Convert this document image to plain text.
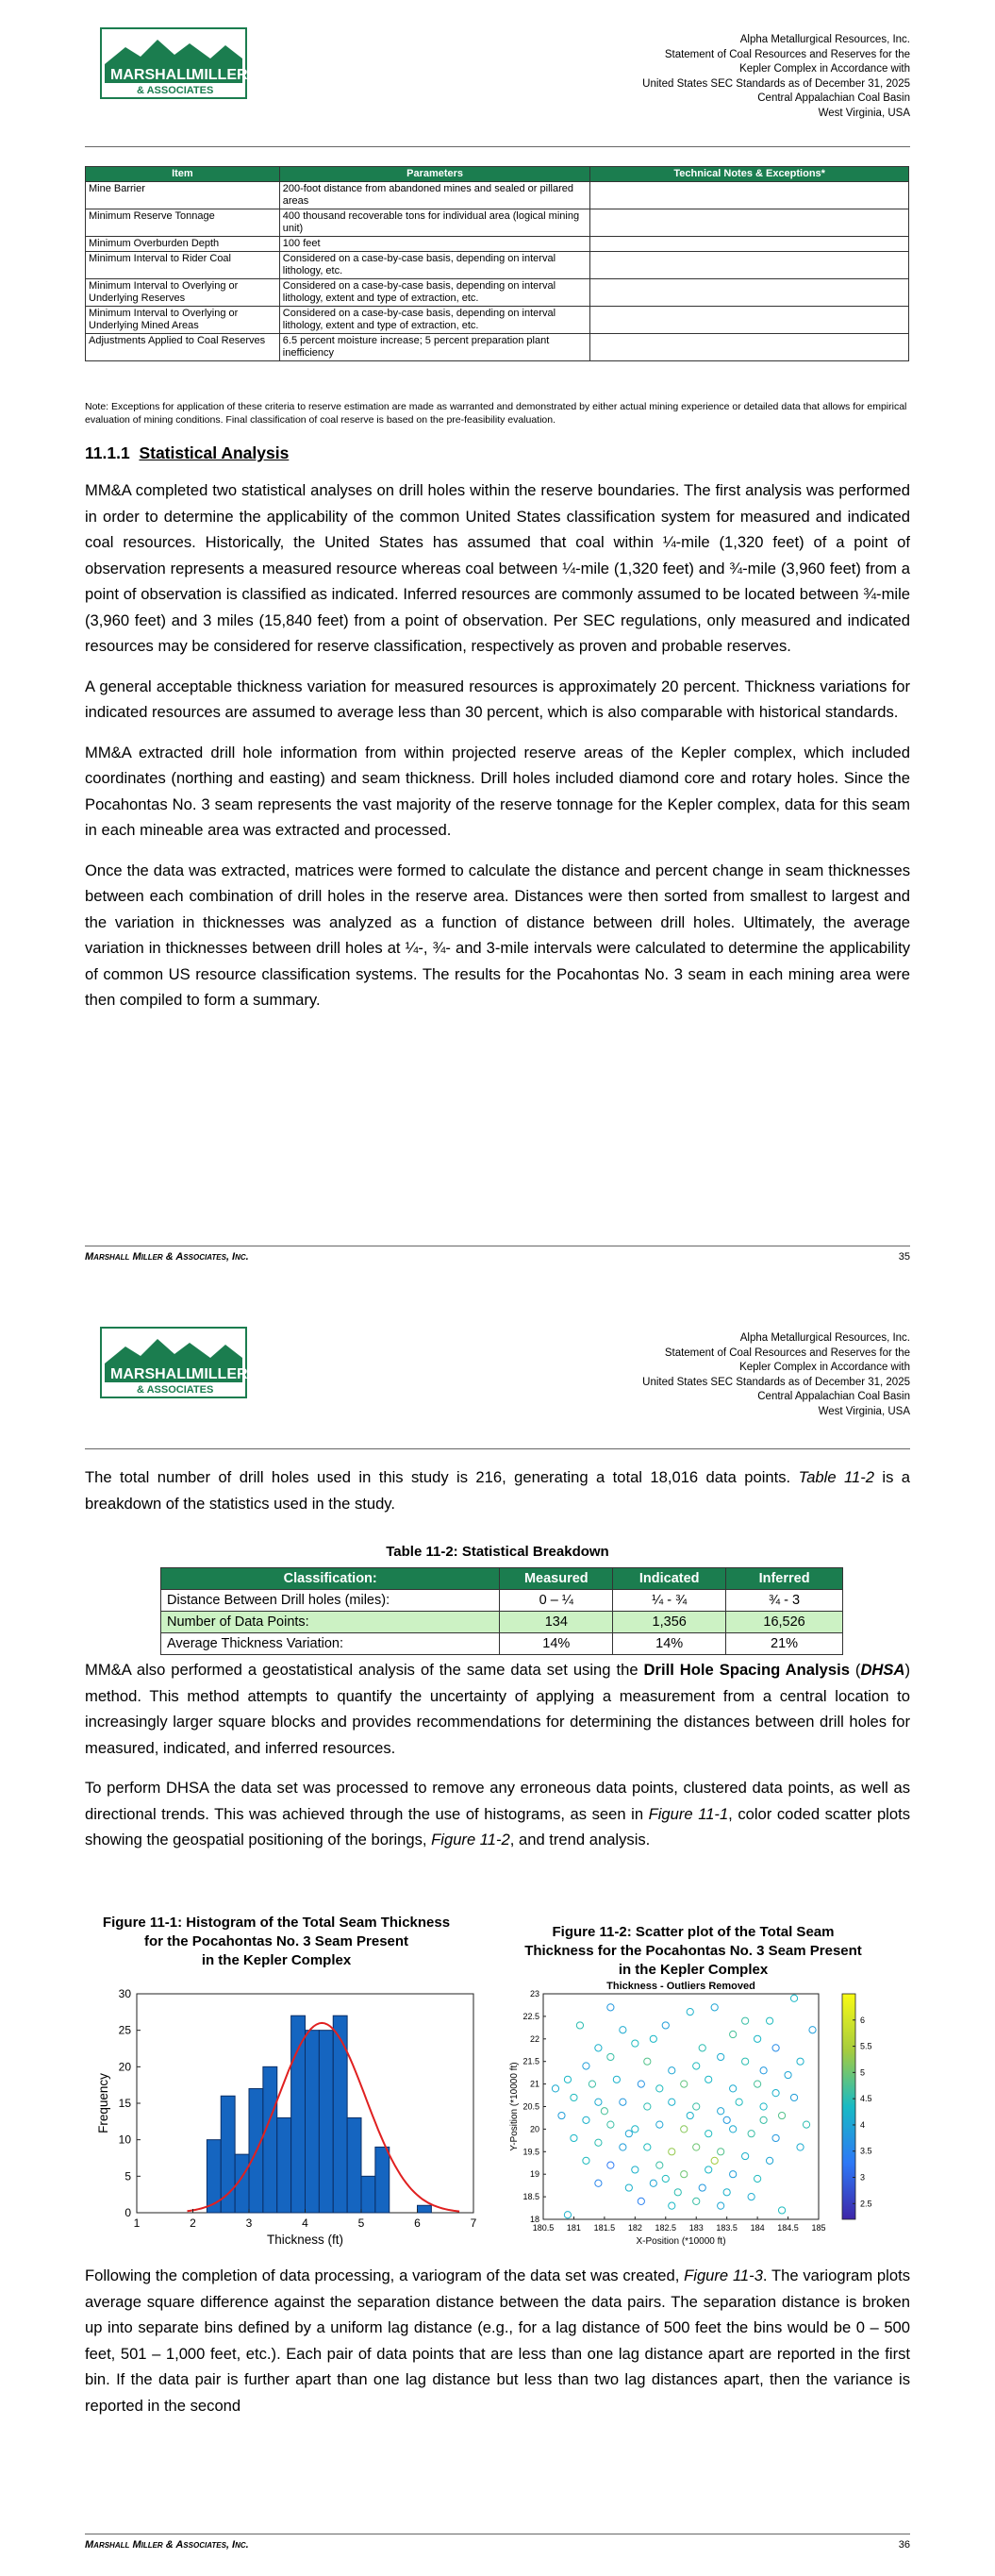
MARSHALL
MILLER
& ASSOCIATES
Alpha Metallurgical Resources, Inc.
Statement of Coal Resources and Reserves for the
Kepler Complex in Accordance with
United States SEC Standards as of December 31, 2025
Central Appalachian Coal Basin
West Virginia, USA
Item	Parameters	Technical Notes & Exceptions*
Mine Barrier	200-foot distance from abandoned mines and sealed or pillared areas	
Minimum Reserve Tonnage	400 thousand recoverable tons for individual area (logical mining unit)	
Minimum Overburden Depth	100 feet	
Minimum Interval to Rider Coal	Considered on a case-by-case basis, depending on interval lithology, etc.	
Minimum Interval to Overlying or Underlying Reserves	Considered on a case-by-case basis, depending on interval lithology, extent and type of extraction, etc.	
Minimum Interval to Overlying or Underlying Mined Areas	Considered on a case-by-case basis, depending on interval lithology, extent and type of extraction, etc.	
Adjustments Applied to Coal Reserves	6.5 percent moisture increase; 5 percent preparation plant inefficiency	
Note: Exceptions for application of these criteria to reserve estimation are made as warranted and demonstrated by either actual mining experience or detailed data that allows for empirical evaluation of mining conditions. Final classification of coal reserve is based on the pre-feasibility evaluation.
11.1.1 Statistical Analysis

MM&A completed two statistical analyses on drill holes within the reserve boundaries. The first analysis was performed in order to determine the applicability of the common United States classification system for measured and indicated coal resources. Historically, the United States has assumed that coal within ¼-mile (1,320 feet) of a point of observation represents a measured resource whereas coal between ¼-mile (1,320 feet) and ¾-mile (3,960 feet) from a point of observation is classified as indicated. Inferred resources are commonly assumed to be located between ¾-mile (3,960 feet) and 3 miles (15,840 feet) from a point of observation. Per SEC regulations, only measured and indicated resources may be considered for reserve classification, respectively as proven and probable reserves.

A general acceptable thickness variation for measured resources is approximately 20 percent. Thickness variations for indicated resources are assumed to average less than 30 percent, which is also comparable with historical standards.

MM&A extracted drill hole information from within projected reserve areas of the Kepler complex, which included coordinates (northing and easting) and seam thickness. Drill holes included diamond core and rotary holes. Since the Pocahontas No. 3 seam represents the vast majority of the reserve tonnage for the Kepler complex, data for this seam in each mineable area was extracted and processed.

Once the data was extracted, matrices were formed to calculate the distance and percent change in seam thicknesses between each combination of drill holes in the reserve area. Distances were then sorted from smallest to largest and the variation in thicknesses was analyzed as a function of distance between drill holes. Ultimately, the average variation in thicknesses between drill holes at ¼-, ¾- and 3-mile intervals were calculated to determine the applicability of common US resource classification systems. The results for the Pocahontas No. 3 seam in each mining area were then compiled to form a summary.

Marshall Miller & Associates, Inc.	35
MARSHALL
MILLER
& ASSOCIATES
Alpha Metallurgical Resources, Inc.
Statement of Coal Resources and Reserves for the
Kepler Complex in Accordance with
United States SEC Standards as of December 31, 2025
Central Appalachian Coal Basin
West Virginia, USA

The total number of drill holes used in this study is 216, generating a total 18,016 data points. Table 11-2 is a breakdown of the statistics used in the study.

Table 11-2: Statistical Breakdown
Classification:	Measured	Indicated	Inferred
Distance Between Drill holes (miles):	0 – ¼	¼ - ¾	¾ - 3
Number of Data Points:	134	1,356	16,526
Average Thickness Variation:	14%	14%	21%

MM&A also performed a geostatistical analysis of the same data set using the Drill Hole Spacing Analysis (DHSA) method. This method attempts to quantify the uncertainty of applying a measurement from a central location to increasingly larger square blocks and provides recommendations for determining the distances between drill holes for measured, indicated, and inferred resources.

To perform DHSA the data set was processed to remove any erroneous data points, clustered data points, as well as directional trends. This was achieved through the use of histograms, as seen in Figure 11-1, color coded scatter plots showing the geospatial positioning of the borings, Figure 11-2, and trend analysis.

Figure 11-1: Histogram of the Total Seam Thickness
for the Pocahontas No. 3 Seam Present
in the Kepler Complex
Figure 11-2: Scatter plot of the Total Seam
Thickness for the Pocahontas No. 3 Seam Present
in the Kepler Complex
1	2	3	4	5	6	7
0
5
10
15
20
25
30
Thickness (ft)
Frequency
Thickness - Outliers Removed
180.5 181 181.5 182 182.5 183 183.5 184 184.5 185
18
18.5
19
19.5
20
20.5
21
21.5
22
22.5
23
X-Position (*10000 ft)
Y-Position (*10000 ft)
2.5
3
3.5
4
4.5
5
5.5
6

Following the completion of data processing, a variogram of the data set was created, Figure 11-3. The variogram plots average square difference against the separation distance between the data pairs. The separation distance is broken up into separate bins defined by a uniform lag distance (e.g., for a lag distance of 500 feet the bins would be 0 – 500 feet, 501 – 1,000 feet, etc.). Each pair of data points that are less than one lag distance apart are reported in the first bin. If the data pair is further apart than one lag distance but less than two lag distances apart, then the variance is reported in the second

Marshall Miller & Associates, Inc.	36
